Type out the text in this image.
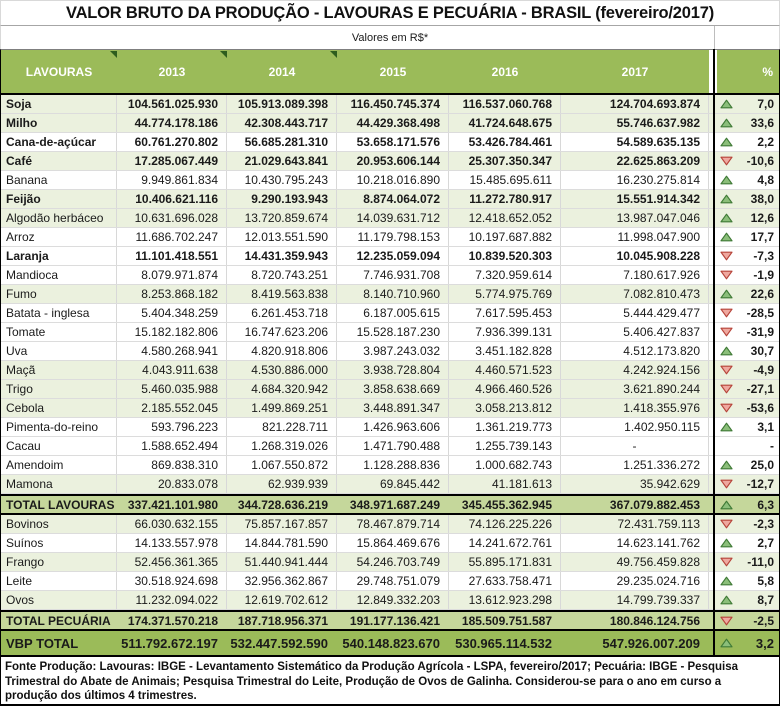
VALOR BRUTO DA PRODUÇÃO - LAVOURAS E PECUÁRIA - BRASIL (fevereiro/2017)
Valores em R$*
LAVOURAS	2013	2014	2015	2016	2017	%
Soja	104.561.025.930	105.913.089.398	116.450.745.374	116.537.060.768	124.704.693.874	7,0
Milho	44.774.178.186	42.308.443.717	44.429.368.498	41.724.648.675	55.746.637.982	33,6
Cana-de-açúcar	60.761.270.802	56.685.281.310	53.658.171.576	53.426.784.461	54.589.635.135	2,2
Café	17.285.067.449	21.029.643.841	20.953.606.144	25.307.350.347	22.625.863.209	-10,6
Banana	9.949.861.834	10.430.795.243	10.218.016.890	15.485.695.611	16.230.275.814	4,8
Feijão	10.406.621.116	9.290.193.943	8.874.064.072	11.272.780.917	15.551.914.342	38,0
Algodão herbáceo	10.631.696.028	13.720.859.674	14.039.631.712	12.418.652.052	13.987.047.046	12,6
Arroz	11.686.702.247	12.013.551.590	11.179.798.153	10.197.687.882	11.998.047.900	17,7
Laranja	11.101.418.551	14.431.359.943	12.235.059.094	10.839.520.303	10.045.908.228	-7,3
Mandioca	8.079.971.874	8.720.743.251	7.746.931.708	7.320.959.614	7.180.617.926	-1,9
Fumo	8.253.868.182	8.419.563.838	8.140.710.960	5.774.975.769	7.082.810.473	22,6
Batata - inglesa	5.404.348.259	6.261.453.718	6.187.005.615	7.617.595.453	5.444.429.477	-28,5
Tomate	15.182.182.806	16.747.623.206	15.528.187.230	7.936.399.131	5.406.427.837	-31,9
Uva	4.580.268.941	4.820.918.806	3.987.243.032	3.451.182.828	4.512.173.820	30,7
Maçã	4.043.911.638	4.530.886.000	3.938.728.804	4.460.571.523	4.242.924.156	-4,9
Trigo	5.460.035.988	4.684.320.942	3.858.638.669	4.966.460.526	3.621.890.244	-27,1
Cebola	2.185.552.045	1.499.869.251	3.448.891.347	3.058.213.812	1.418.355.976	-53,6
Pimenta-do-reino	593.796.223	821.228.711	1.426.963.606	1.361.219.773	1.402.950.115	3,1
Cacau	1.588.652.494	1.268.319.026	1.471.790.488	1.255.739.143	-	-
Amendoim	869.838.310	1.067.550.872	1.128.288.836	1.000.682.743	1.251.336.272	25,0
Mamona	20.833.078	62.939.939	69.845.442	41.181.613	35.942.629	-12,7
TOTAL LAVOURAS	337.421.101.980	344.728.636.219	348.971.687.249	345.455.362.945	367.079.882.453	6,3
Bovinos	66.030.632.155	75.857.167.857	78.467.879.714	74.126.225.226	72.431.759.113	-2,3
Suínos	14.133.557.978	14.844.781.590	15.864.469.676	14.241.672.761	14.623.141.762	2,7
Frango	52.456.361.365	51.440.941.444	54.246.703.749	55.895.171.831	49.756.459.828	-11,0
Leite	30.518.924.698	32.956.362.867	29.748.751.079	27.633.758.471	29.235.024.716	5,8
Ovos	11.232.094.022	12.619.702.612	12.849.332.203	13.612.923.298	14.799.739.337	8,7
TOTAL PECUÁRIA	174.371.570.218	187.718.956.371	191.177.136.421	185.509.751.587	180.846.124.756	-2,5
VBP TOTAL	511.792.672.197 532.447.592.590	540.148.823.670	530.965.114.532	547.926.007.209	3,2
Fonte Produção: Lavouras: IBGE - Levantamento Sistemático da Produção Agrícola - LSPA, fevereiro/2017; Pecuária: IBGE - Pesquisa Trimestral do Abate de Animais; Pesquisa Trimestral do Leite, Produção de Ovos de Galinha. Considerou-se para o ano em curso a produção dos últimos 4 trimestres.
